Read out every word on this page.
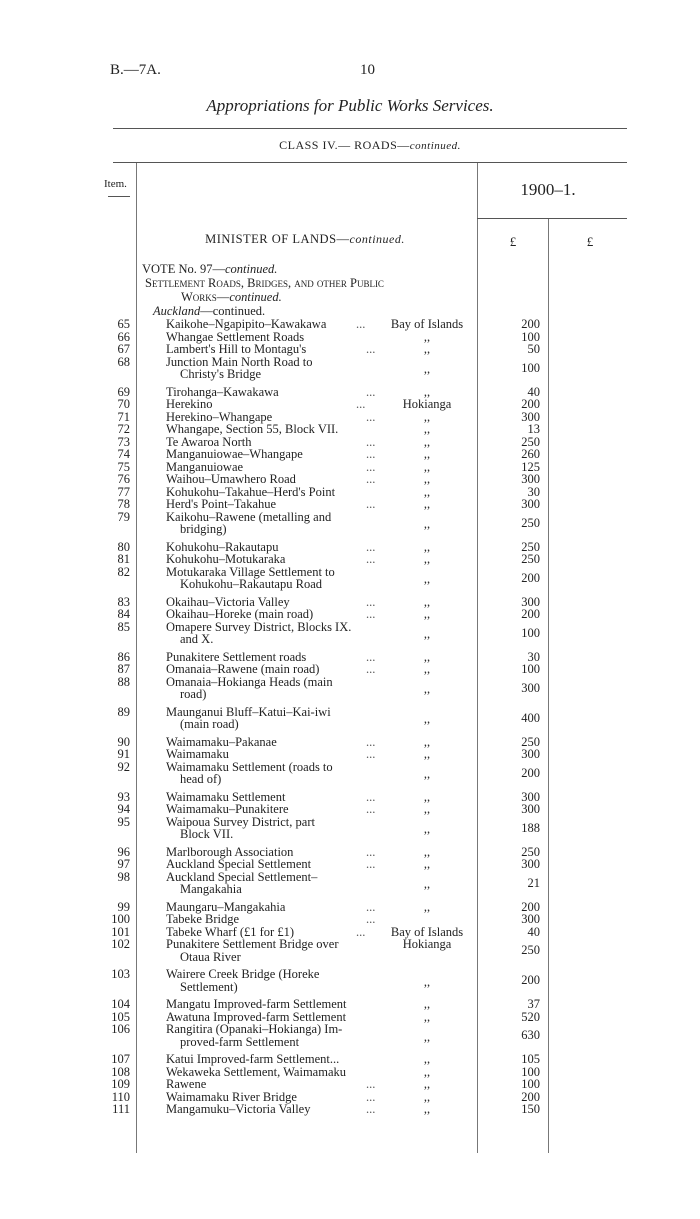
B.—7A.	10
Appropriations for Public Works Services.
CLASS IV.— ROADS—continued.
Item.	1900–1.
£	£
MINISTER OF LANDS—continued.
VOTE No. 97—continued.
Settlement Roads, Bridges, and other Public
Works—continued.
Auckland—continued.
65	Kaikohe–Ngapipito–Kawakawa	...	Bay of Islands	200
66	Whangae Settlement Roads	,,	100
67	Lambert's Hill to Montagu's	...	,,	50
68	Junction Main North Road to
Christy's Bridge	,,	100
69	Tirohanga–Kawakawa	...	,,	40
70	Herekino	...	Hokianga	200
71	Herekino–Whangape	...	,,	300
72	Whangape, Section 55, Block VII.	,,	13
73	Te Awaroa North	...	,,	250
74	Manganuiowae–Whangape	...	,,	260
75	Manganuiowae	...	,,	125
76	Waihou–Umawhero Road	...	,,	300
77	Kohukohu–Takahue–Herd's Point	,,	30
78	Herd's Point–Takahue	...	,,	300
79	Kaikohu–Rawene (metalling and
bridging)	,,	250
80	Kohukohu–Rakautapu	...	,,	250
81	Kohukohu–Motukaraka	...	,,	250
82	Motukaraka Village Settlement to
Kohukohu–Rakautapu Road	,,	200
83	Okaihau–Victoria Valley	...	,,	300
84	Okaihau–Horeke (main road)	...	,,	200
85	Omapere Survey District, Blocks IX.
and X.	,,	100
86	Punakitere Settlement roads	...	,,	30
87	Omanaia–Rawene (main road)	...	,,	100
88	Omanaia–Hokianga Heads (main
road)	,,	300
89	Maunganui Bluff–Katui–Kai-iwi
(main road)	,,	400
90	Waimamaku–Pakanae	...	,,	250
91	Waimamaku	...	,,	300
92	Waimamaku Settlement (roads to
head of)	,,	200
93	Waimamaku Settlement	...	,,	300
94	Waimamaku–Punakitere	...	,,	300
95	Waipoua Survey District, part
Block VII.	,,	188
96	Marlborough Association	...	,,	250
97	Auckland Special Settlement	...	,,	300
98	Auckland Special Settlement–
Mangakahia	,,	21
99	Maungaru–Mangakahia	...	,,	200
100	Tabeke Bridge	...	300
101	Tabeke Wharf (£1 for £1)	...	Bay of Islands	40
102	Punakitere Settlement Bridge over
Otaua River
Hokianga	250
103	Wairere Creek Bridge (Horeke
Settlement)	,,	200
104	Mangatu Improved-farm Settlement	,,	37
105	Awatuna Improved-farm Settlement	,,	520
106	Rangitira (Opanaki–Hokianga) Im-
proved-farm Settlement	,,	630
107	Katui Improved-farm Settlement...	,,	105
108	Wekaweka Settlement, Waimamaku	,,	100
109	Rawene	...	,,	100
110	Waimamaku River Bridge	...	,,	200
111	Mangamuku–Victoria Valley	...	,,	150
